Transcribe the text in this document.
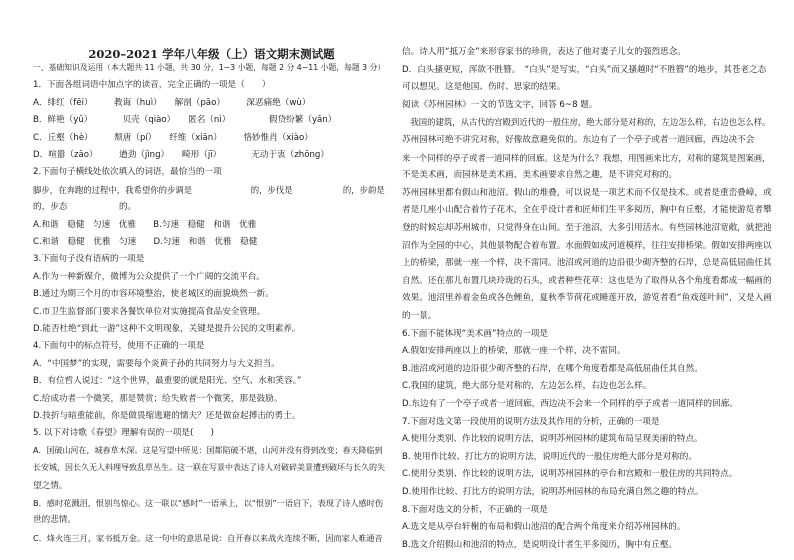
2020–2021 学年八年级（上）语文期末测试题
一、基础知识及运用（本大题共 11 小题，共 30 分，1~3 小题，每题 2 分 4~11 小题，每题 3 分）
1．下面各组词语中加点字的读音，完全正确的一项是（　　）
A．绯红（fēi）　　　教诲（huì）　　解剖（pāo）　　　深恶痛绝（wù）
B．鲜艳（yǔ）　　　　贝壳（qiào）　　匿名（nì）　　　　　假贷纷繁（yǎn）
C．丘壑（hè）　　　颓唐（pí）　　纤维（xiān）　　　恪妙惟肖（xiào）
D．喧嚣（zāo）　　　遒劲（jìng）　　畸形（jī）　　　　无动于衷（zhōng）
2.下面句子横线处依次填入的词语，最恰当的一项
脚步，在奔跑的过程中，我希望你的步调是　　　　　　　的，步伐是　　　　　　的，步韵是
的，步态　　　　　　的。
A.和谐　稳健　匀速　优雅　　B.匀速　稳健　和谐　优雅
C.和谐　稳健　优雅　匀速　　D.匀速　和谐　优雅　稳健
3.下面句子没有语病的一项是
A.作为一种新媒介，微博为公众提供了一个广阔的交流平台。
B.通过为期三个月的市容环境整治，使老城区的面貌焕然一新。
C.市卫生监督部门要求各餐饮单位对实施提高食品安全管理。
D.能否杜绝“到此一游”这种不文明现象，关键是提升公民的文明素养。
4.下面句中的标点符号，使用不正确的一项是
A．“中国梦”的实现，需要每个炎黄子孙的共同努力与大义担当。
B．有位哲人说过：“这个世界，最重要的就是阳光、空气、水和笑容。”
C.给成功者一个微笑，那是赞赏；给失败者一个微笑，那是鼓励。
D.技折与暗重能前，你是做畏缩逃避的懦夫？还是做奋起搏击的勇士。
5. 以下对诗歌《春望》理解有误的一项是(　　)
A．国破山河在，城春草木深。这是写望中所见：国都陷破不堪，山河并没有得到改变；春天降临到
长安城，因长久无人料理导致乱草丛生。这一联在写景中表达了诗人对破碎美景遭到破坏与长久的失
望之情。
B．感时花溅泪，恨别鸟惊心。这一联以“感时”一语承上，以“恨别”一语启下，表现了诗人感时伤
世的悲情。
C．烽火连三月，家书抵万金。这一句中的意思是说：自开春以来战火连续不断，因而家人难通音
信。诗人用“抵万金”来形容家书的珍贵，表达了他对妻子儿女的强烈思念。
D．白头搔更短，浑欲不胜簪。　“白头”是写实，“白头”而又搔越时“不胜簪”的地步，其苍老之态
可以想见。这是他国、伤时、思家的结果。
阅读《苏州园林》一文的节选文字，回答 6~8 题。
　我国的建筑，从古代的宫殿到近代的一般住房，绝大部分是对称的，左边怎么样，右边也怎么样。
苏州园林可绝不讲究对称，好像故意避免似的。东边有了一个亭子或者一道回廊，西边决不会
来一个同样的亭子或者一道同样的回廊。这是为什么？我想，用图画来比方，对称的建筑是图案画，
不是美术画，而园林是美术画，美术画要求自然之趣，是不讲究对称的。
苏州园林里都有假山和池沼。假山的堆叠，可以说是一项艺术而不仅是技术。或者是重峦叠嶂，或
者是几座小山配合着竹子花木，全在乎设计者和匠师们生平多阅历，胸中有丘壑，才能使游览者攀
登的时候忘却苏州城市，只觉得身在山间。至于池沼，大多引用活水。有些园林池沼宽敞，就把池
沼作为全园的中心，其他景物配合着布置。水面假如成河道模样，往往安排桥梁。假如安排两座以
上的桥梁，那就一座一个样，决不雷同。池沼或河道的边沿很少砌齐整的石岸，总是高低屈曲任其
自然。还在那儿布置几块玲珑的石头，或者种些花草：这也是为了取得从各个角度看都成一幅画的
效果。池沼里养着金鱼或各色鲤鱼，夏秋季节荷花或睡莲开放，游览者看“鱼戏莲叶间”，又是入画
的一景。
6.下面不能体现“美术画”特点的一项是
A.假如安排两座以上的桥梁，那就一座一个样，决不雷同。
B.池沼或河道的边沿很少砌齐整的石岸，在哪个角度看都是高低屈曲任其自然。
C.我国的建筑，绝大部分是对称的，左边怎么样，右边也怎么样。
D.东边有了一个亭子或者一道回廊，西边决不会来一个同样的亭子或者一道同样的回廊。
7.下面对选文第一段使用的说明方法及其作用的分析，正确的一项是
A.使用分类别、作比较的说明方法，说明苏州园林的建筑布局呈现美丽的特点。
B. 使用作比较、打比方的说明方法，说明近代的一般住房绝大部分是对称的。
C.使用分类别、作比较的说明方法，说明苏州园林的亭台和宫殿和一般住房的共同特点。
D.使用作比较、打比方的说明方法，说明苏州园林的布局充满自然之趣的特点。
8.下面对选文的分析，不正确的一项是
A.选文是从亭台轩榭的布局和假山池沼的配合两个角度来介绍苏州园林的。
B.选文介绍假山和池沼的特点，是说明设计者生平多阅历，胸中有丘壑。
